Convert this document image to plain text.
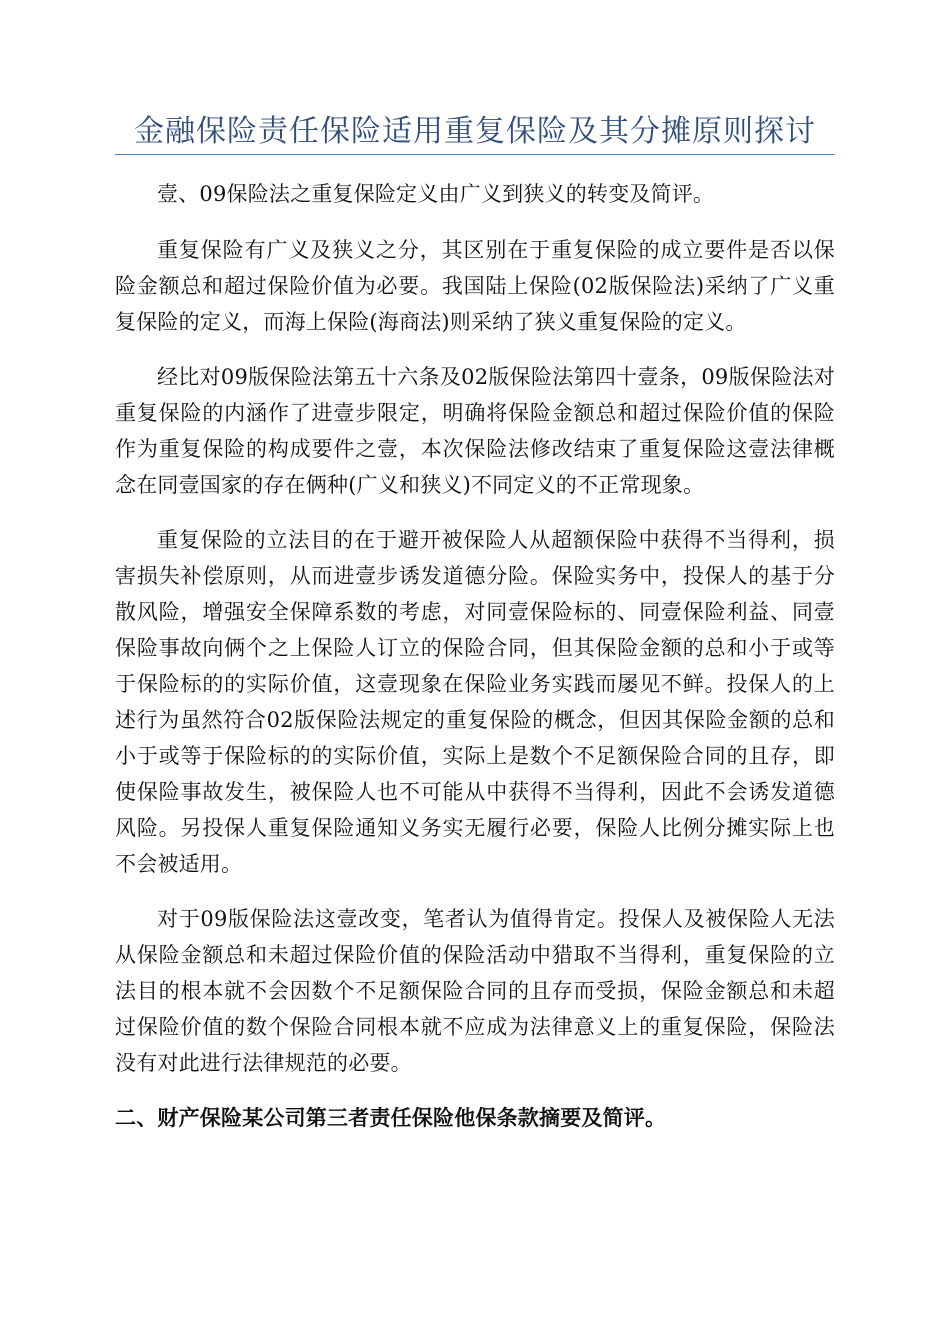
金融保险责任保险适用重复保险及其分摊原则探讨

壹、09保险法之重复保险定义由广义到狭义的转变及简评。

重复保险有广义及狭义之分，其区别在于重复保险的成立要件是否以保险金额总和超过保险价值为必要。我国陆上保险(02版保险法)采纳了广义重复保险的定义，而海上保险(海商法)则采纳了狭义重复保险的定义。

经比对09版保险法第五十六条及02版保险法第四十壹条，09版保险法对重复保险的内涵作了进壹步限定，明确将保险金额总和超过保险价值的保险作为重复保险的构成要件之壹，本次保险法修改结束了重复保险这壹法律概念在同壹国家的存在俩种(广义和狭义)不同定义的不正常现象。

重复保险的立法目的在于避开被保险人从超额保险中获得不当得利，损害损失补偿原则，从而进壹步诱发道德分险。保险实务中，投保人的基于分散风险，增强安全保障系数的考虑，对同壹保险标的、同壹保险利益、同壹保险事故向俩个之上保险人订立的保险合同，但其保险金额的总和小于或等于保险标的的实际价值，这壹现象在保险业务实践而屡见不鲜。投保人的上述行为虽然符合02版保险法规定的重复保险的概念，但因其保险金额的总和小于或等于保险标的的实际价值，实际上是数个不足额保险合同的且存，即使保险事故发生，被保险人也不可能从中获得不当得利，因此不会诱发道德风险。另投保人重复保险通知义务实无履行必要，保险人比例分摊实际上也不会被适用。

对于09版保险法这壹改变，笔者认为值得肯定。投保人及被保险人无法从保险金额总和未超过保险价值的保险活动中猎取不当得利，重复保险的立法目的根本就不会因数个不足额保险合同的且存而受损，保险金额总和未超过保险价值的数个保险合同根本就不应成为法律意义上的重复保险，保险法没有对此进行法律规范的必要。

二、财产保险某公司第三者责任保险他保条款摘要及简评。
